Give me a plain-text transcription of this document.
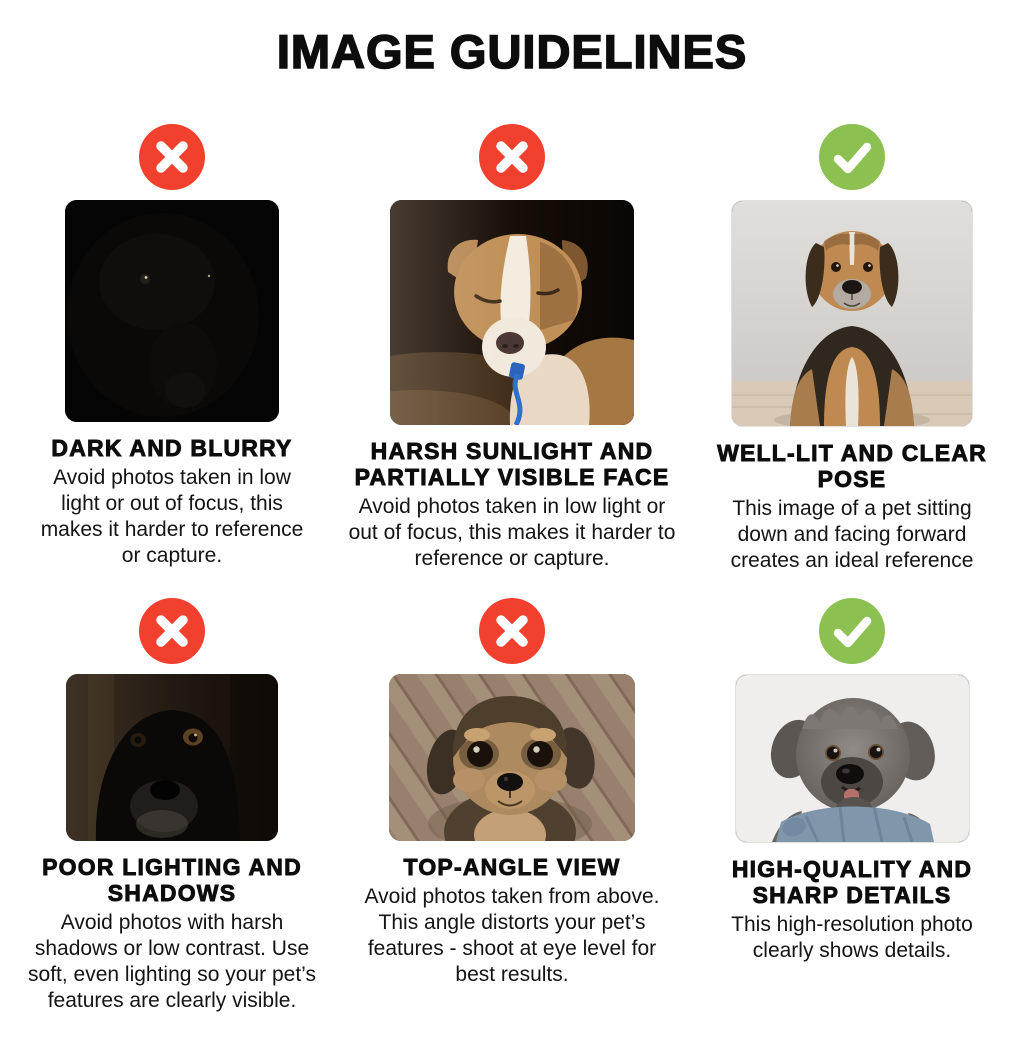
IMAGE GUIDELINES
DARK AND BLURRY

Avoid photos taken in low light or out of focus, this makes it harder to reference or capture.

HARSH SUNLIGHT AND PARTIALLY VISIBLE FACE

Avoid photos taken in low light or out of focus, this makes it harder to reference or capture.

WELL-LIT AND CLEAR POSE

This image of a pet sitting down and facing forward creates an ideal reference

POOR LIGHTING AND SHADOWS

Avoid photos with harsh shadows or low contrast. Use soft, even lighting so your pet’s features are clearly visible.

TOP-ANGLE VIEW

Avoid photos taken from above. This angle distorts your pet’s features - shoot at eye level for best results.

HIGH-QUALITY AND SHARP DETAILS

This high-resolution photo clearly shows details.
